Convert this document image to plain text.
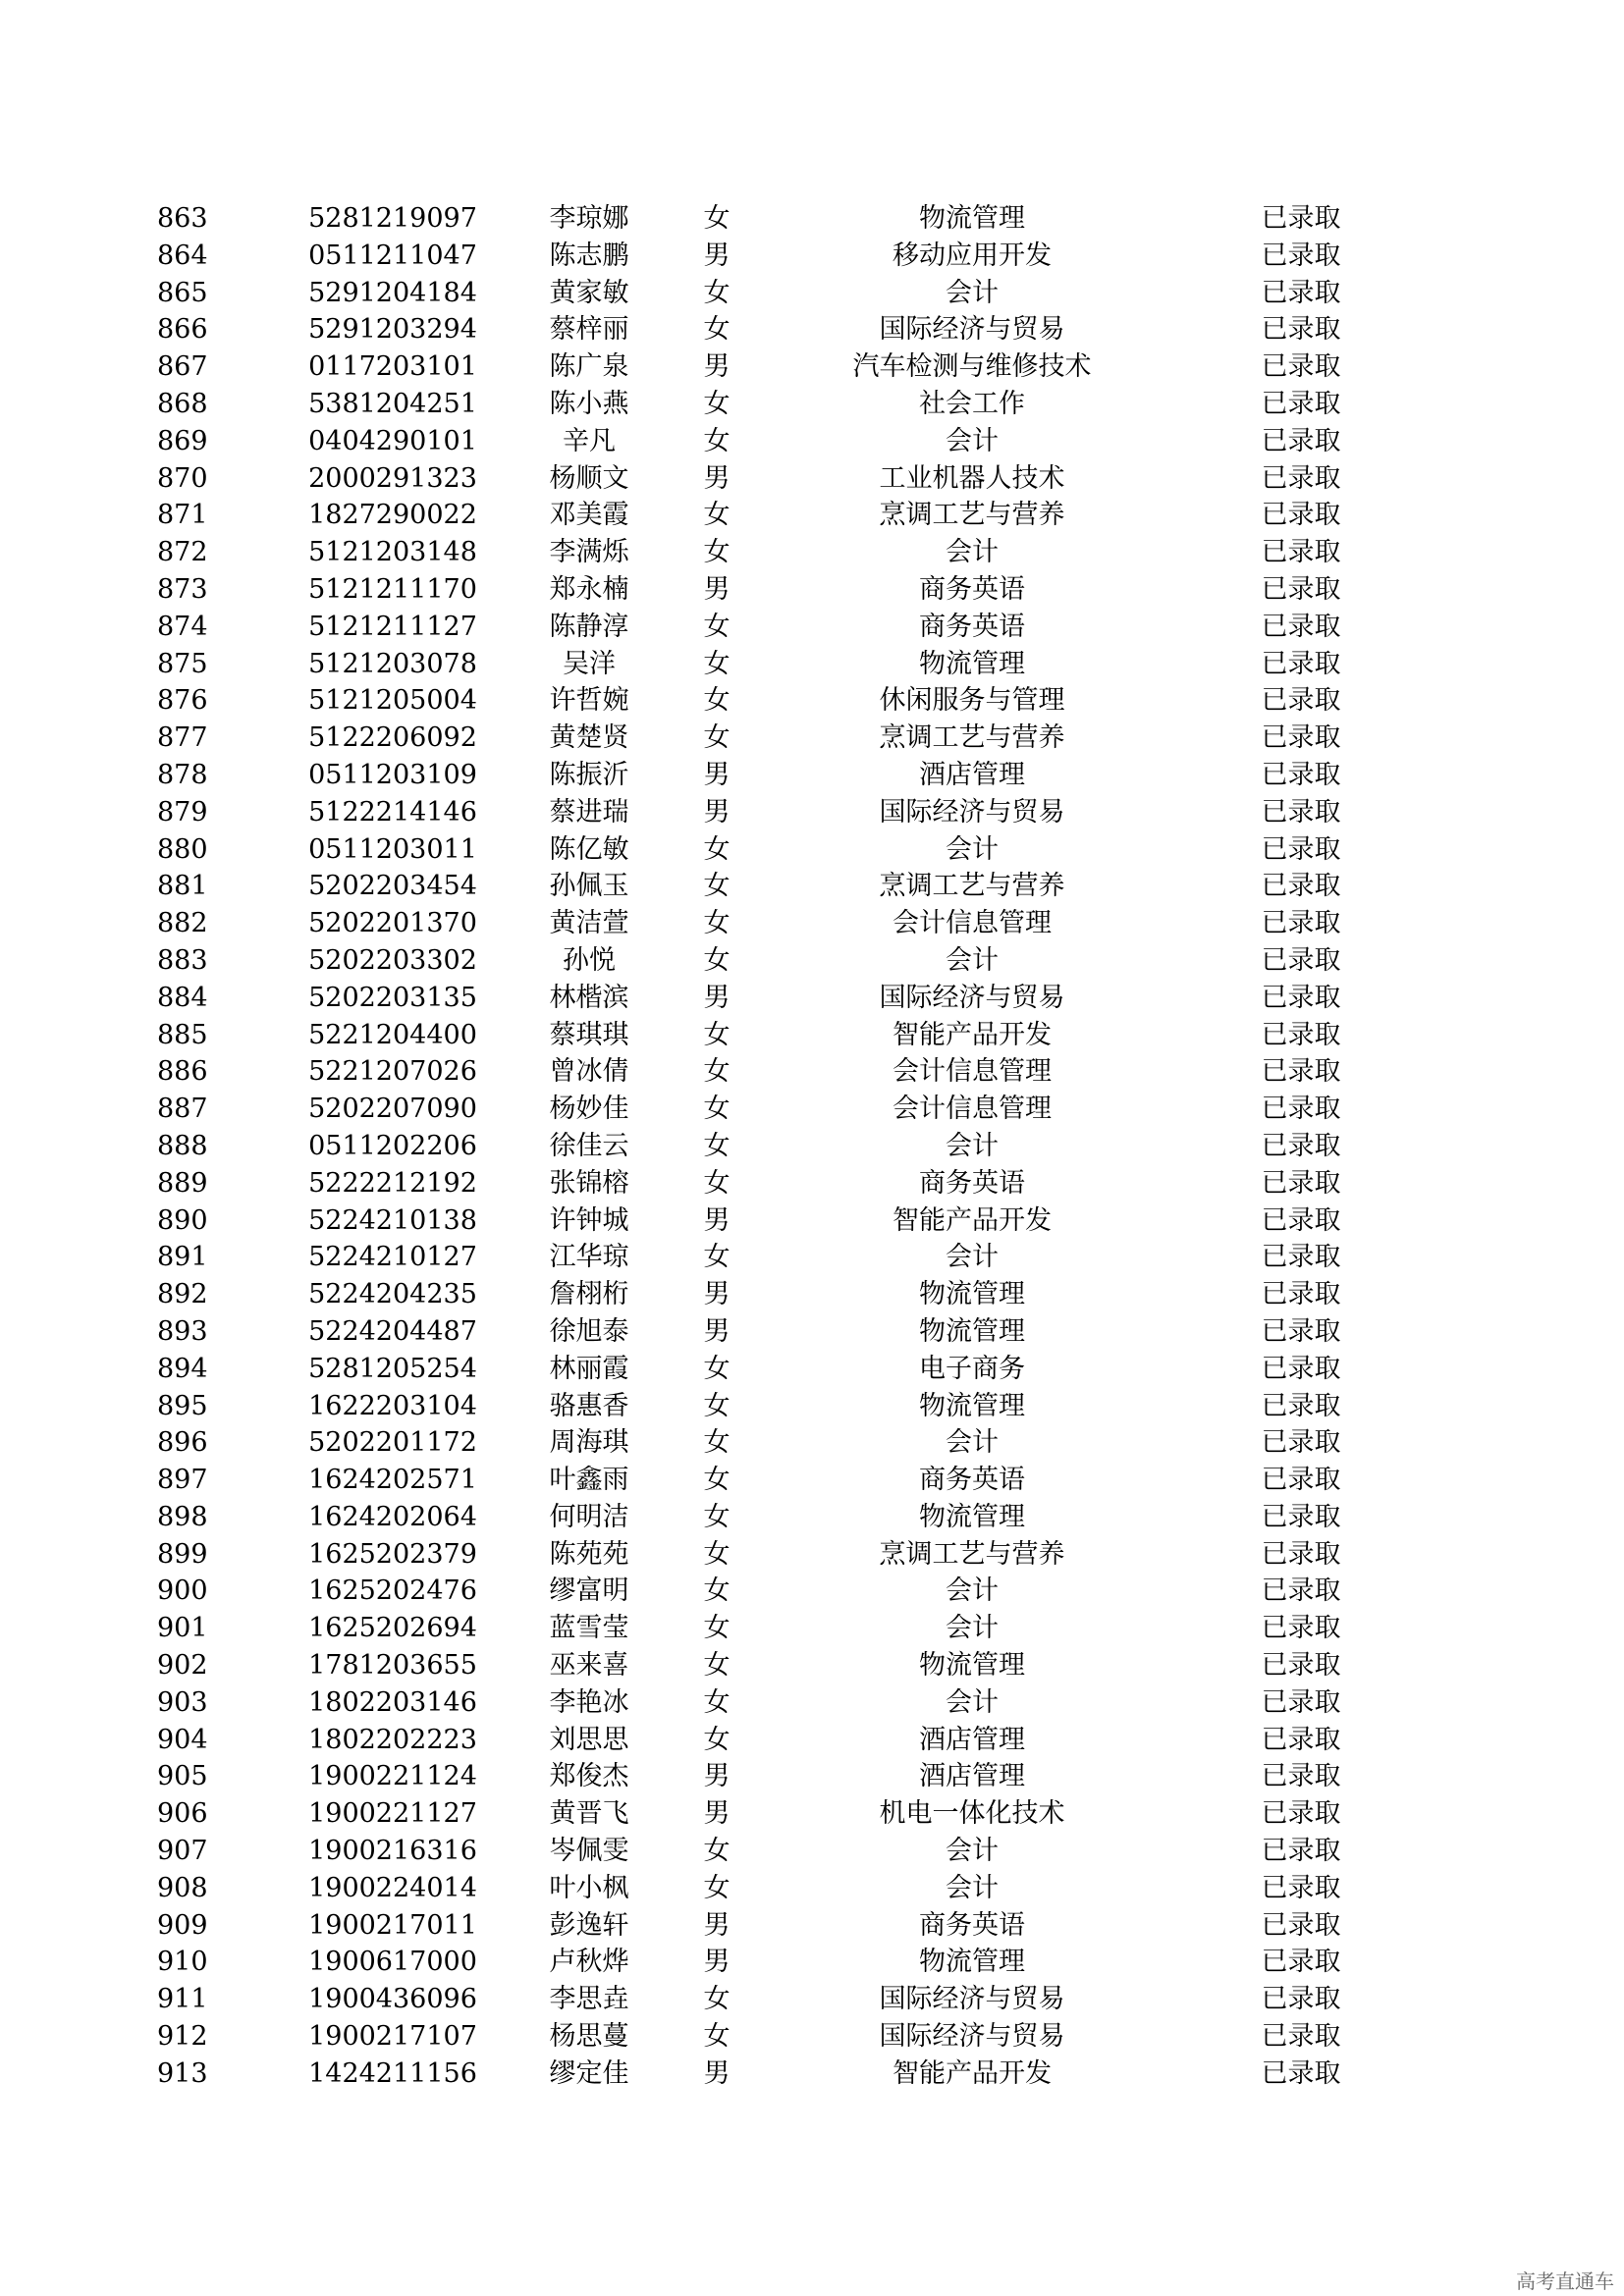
863	5281219097	李琼娜	女	物流管理	已录取
864	0511211047	陈志鹏	男	移动应用开发	已录取
865	5291204184	黄家敏	女	会计	已录取
866	5291203294	蔡梓丽	女	国际经济与贸易	已录取
867	0117203101	陈广泉	男	汽车检测与维修技术	已录取
868	5381204251	陈小燕	女	社会工作	已录取
869	0404290101	辛凡	女	会计	已录取
870	2000291323	杨顺文	男	工业机器人技术	已录取
871	1827290022	邓美霞	女	烹调工艺与营养	已录取
872	5121203148	李满烁	女	会计	已录取
873	5121211170	郑永楠	男	商务英语	已录取
874	5121211127	陈静淳	女	商务英语	已录取
875	5121203078	吴洋	女	物流管理	已录取
876	5121205004	许哲婉	女	休闲服务与管理	已录取
877	5122206092	黄楚贤	女	烹调工艺与营养	已录取
878	0511203109	陈振沂	男	酒店管理	已录取
879	5122214146	蔡进瑞	男	国际经济与贸易	已录取
880	0511203011	陈亿敏	女	会计	已录取
881	5202203454	孙佩玉	女	烹调工艺与营养	已录取
882	5202201370	黄洁萱	女	会计信息管理	已录取
883	5202203302	孙悦	女	会计	已录取
884	5202203135	林楷滨	男	国际经济与贸易	已录取
885	5221204400	蔡琪琪	女	智能产品开发	已录取
886	5221207026	曾冰倩	女	会计信息管理	已录取
887	5202207090	杨妙佳	女	会计信息管理	已录取
888	0511202206	徐佳云	女	会计	已录取
889	5222212192	张锦榕	女	商务英语	已录取
890	5224210138	许钟城	男	智能产品开发	已录取
891	5224210127	江华琼	女	会计	已录取
892	5224204235	詹栩桁	男	物流管理	已录取
893	5224204487	徐旭泰	男	物流管理	已录取
894	5281205254	林丽霞	女	电子商务	已录取
895	1622203104	骆惠香	女	物流管理	已录取
896	5202201172	周海琪	女	会计	已录取
897	1624202571	叶鑫雨	女	商务英语	已录取
898	1624202064	何明洁	女	物流管理	已录取
899	1625202379	陈苑苑	女	烹调工艺与营养	已录取
900	1625202476	缪富明	女	会计	已录取
901	1625202694	蓝雪莹	女	会计	已录取
902	1781203655	巫来喜	女	物流管理	已录取
903	1802203146	李艳冰	女	会计	已录取
904	1802202223	刘思思	女	酒店管理	已录取
905	1900221124	郑俊杰	男	酒店管理	已录取
906	1900221127	黄晋飞	男	机电一体化技术	已录取
907	1900216316	岑佩雯	女	会计	已录取
908	1900224014	叶小枫	女	会计	已录取
909	1900217011	彭逸轩	男	商务英语	已录取
910	1900617000	卢秋烨	男	物流管理	已录取
911	1900436096	李思垚	女	国际经济与贸易	已录取
912	1900217107	杨思蔓	女	国际经济与贸易	已录取
913	1424211156	缪定佳	男	智能产品开发	已录取
高考直通车
